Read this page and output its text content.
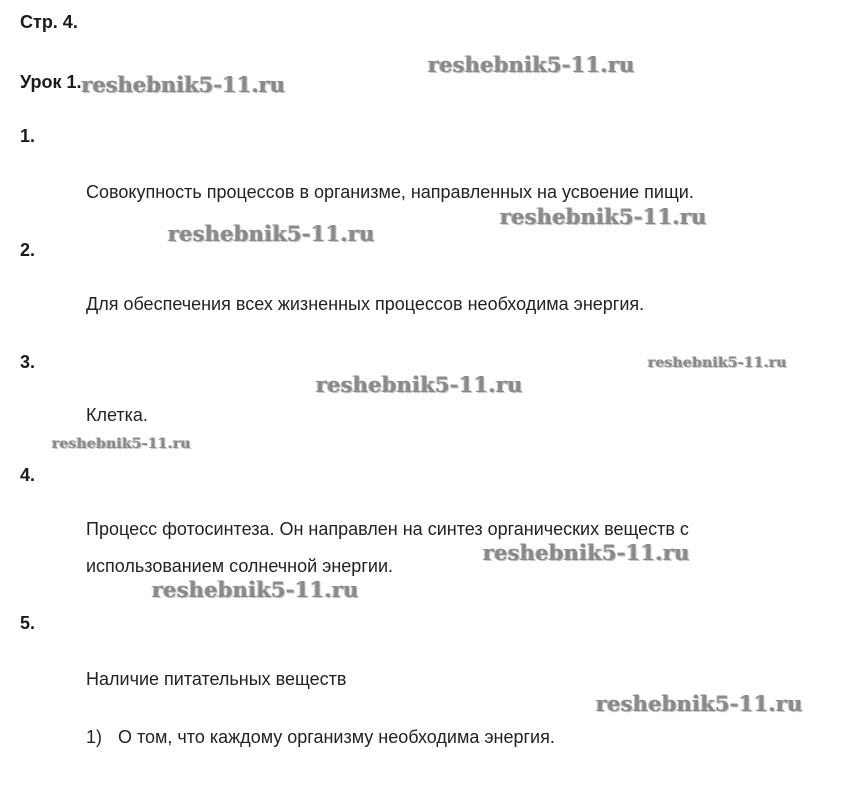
Стр. 4.
Урок 1.reshebnik5-11.ru
reshebnik5-11.ru
1.
Совокупность процессов в организме, направленных на усвоение пищи.
reshebnik5-11.ru
reshebnik5-11.ru
2.
Для обеспечения всех жизненных процессов необходима энергия.
3.	reshebnik5-11.ru
reshebnik5-11.ru
Клетка.
reshebnik5-11.ru
4.
Процесс фотосинтеза. Он направлен на синтез органических веществ с
использованием солнечной энергии.
reshebnik5-11.ru
reshebnik5-11.ru
5.
Наличие питательных веществ
reshebnik5-11.ru
1) О том, что каждому организму необходима энергия.
